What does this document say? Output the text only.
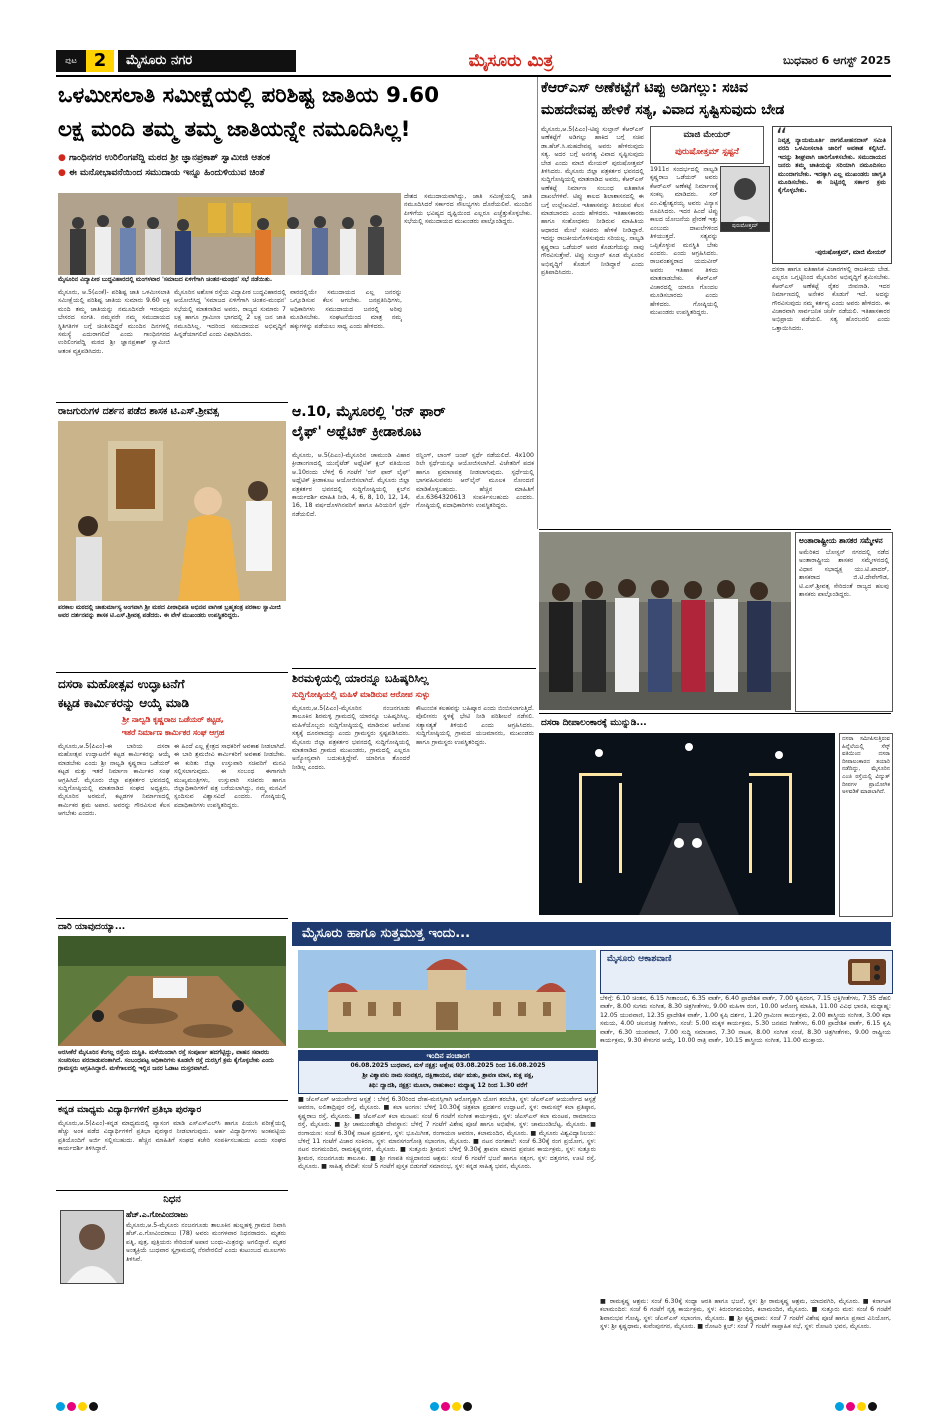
ಪುಟ 2	ಮೈಸೂರು ನಗರ	ಮೈಸೂರು ಮಿತ್ರ	ಬುಧವಾರ 6 ಆಗಸ್ಟ್ 2025
ಒಳಮೀಸಲಾತಿ ಸಮೀಕ್ಷೆಯಲ್ಲಿ ಪರಿಶಿಷ್ಟ ಜಾತಿಯ 9.60
ಲಕ್ಷ ಮಂದಿ ತಮ್ಮ ತಮ್ಮ ಜಾತಿಯನ್ನೇ ನಮೂದಿಸಿಲ್ಲ!
● ಗಾಂಧಿನಗರ ಉರಿಲಿಂಗಪೆದ್ದಿ ಮಠದ ಶ್ರೀ ಜ್ಞಾನಪ್ರಕಾಶ್ ಸ್ವಾಮೀಜಿ ಆತಂಕ
● ಈ ಮನೋಭಾವನೆಯಿಂದ ಸಮುದಾಯ ಇನ್ನೂ ಹಿಂದುಳಿಯುವ ಚಿಂತೆ
ಮೈಸೂರಿನ ವಿದ್ಯಾಪೀಠ ಬುದ್ಧವಿಹಾರದಲ್ಲಿ ಮಂಗಳವಾರ 'ಸಮಾಜದ ಏಳಿಗೆಗಾಗಿ ಚಿಂತನ-ಮಂಥನ' ಸಭೆ ನಡೆಯಿತು.
ಮೈಸೂರು, ಆ.5(ಎಂಕೆ)- ಪರಿಶಿಷ್ಟ ಜಾತಿ ಒಳಮೀಸಲಾತಿ ಸಮೀಕ್ಷೆಯಲ್ಲಿ ಪರಿಶಿಷ್ಟ ಜಾತಿಯ ಸುಮಾರು 9.60 ಲಕ್ಷ ಮಂದಿ ತಮ್ಮ ಜಾತಿಯನ್ನು ನಮೂದಿಸದೇ ಇರುವುದು ಬೇಸರದ ಸಂಗತಿ. ನಮ್ಮವರೇ ನಮ್ಮ ಸಮುದಾಯದ ಸ್ಥಿತಿಗತಿಗಳ ಬಗ್ಗೆ ಚಿಂತಿಸದಿದ್ದರೆ ಮುಂದಿನ ದಿನಗಳಲ್ಲಿ ಸಮಸ್ಯೆ ಎದುರಾಗಲಿದೆ ಎಂದು ಗಾಂಧಿನಗರದ ಉರಿಲಿಂಗಪೆದ್ದಿ ಮಠದ ಶ್ರೀ ಜ್ಞಾನಪ್ರಕಾಶ್ ಸ್ವಾಮೀಜಿ ಆತಂಕ ವ್ಯಕ್ತಪಡಿಸಿದರು.
ಮೈಸೂರಿನ ಅಶೋಕ ರಸ್ತೆಯ ವಿದ್ಯಾಪೀಠ ಬುದ್ಧವಿಹಾರದಲ್ಲಿ ಆಯೋಜಿಸಿದ್ದ 'ಸಮಾಜದ ಏಳಿಗೆಗಾಗಿ ಚಿಂತನ-ಮಂಥನ' ಸಭೆಯಲ್ಲಿ ಮಾತನಾಡಿದ ಅವರು, ರಾಜ್ಯದ ಸುಮಾರು 7 ಲಕ್ಷ ಹಾಗೂ ಗ್ರಾಮೀಣ ಭಾಗದಲ್ಲಿ 2 ಲಕ್ಷ ಜನ ಜಾತಿ ನಮೂದಿಸಿಲ್ಲ. ಇದರಿಂದ ಸಮುದಾಯದ ಅಭಿವೃದ್ಧಿಗೆ ಹಿನ್ನಡೆಯಾಗಲಿದೆ ಎಂದು ವಿಷಾದಿಸಿದರು.
ವಾರದಲ್ಲಿಯೇ ಸಮುದಾಯದ ಎಲ್ಲ ಜನರನ್ನು ಒಗ್ಗೂಡಿಸುವ ಕೆಲಸ ಆಗಬೇಕು. ಜನಪ್ರತಿನಿಧಿಗಳು, ಅಧಿಕಾರಿಗಳು ಸಮುದಾಯದ ಜನರಲ್ಲಿ ಅರಿವು ಮೂಡಿಸಬೇಕು. ಸಂಘಟನೆಯಿಂದ ಮಾತ್ರ ನಮ್ಮ ಹಕ್ಕುಗಳನ್ನು ಪಡೆಯಲು ಸಾಧ್ಯ ಎಂದು ಹೇಳಿದರು.
ದೇಶದ ಸಮುದಾಯವಾಗಿದ್ದು, ಜಾತಿ ಸಮೀಕ್ಷೆಯಲ್ಲಿ ಜಾತಿ ನಮೂದಿಸಿದರೆ ಸರ್ಕಾರದ ಸೌಲಭ್ಯಗಳು ದೊರೆಯಲಿವೆ. ಮುಂದಿನ ಪೀಳಿಗೆಯ ಭವಿಷ್ಯದ ದೃಷ್ಟಿಯಿಂದ ಎಲ್ಲರೂ ಎಚ್ಚೆತ್ತುಕೊಳ್ಳಬೇಕು. ಸಭೆಯಲ್ಲಿ ಸಮುದಾಯದ ಮುಖಂಡರು ಪಾಲ್ಗೊಂಡಿದ್ದರು.
ಕೆಆರ್‌ಎಸ್ ಅಣೆಕಟ್ಟೆಗೆ ಟಿಪ್ಪು ಅಡಿಗಲ್ಲು: ಸಚಿವ
ಮಹದೇವಪ್ಪ ಹೇಳಿಕೆ ಸತ್ಯ, ವಿವಾದ ಸೃಷ್ಟಿಸುವುದು ಬೇಡ
ಮೈಸೂರು,ಆ.5(ಪಿಎಂ)-ಟಿಪ್ಪು ಸುಲ್ತಾನ್ ಕೆಆರ್‌ಎಸ್ ಅಣೆಕಟ್ಟೆಗೆ ಅಡಿಗಲ್ಲು ಹಾಕಿದ ಬಗ್ಗೆ ಸಚಿವ ಡಾ.ಹೆಚ್.ಸಿ.ಮಹದೇವಪ್ಪ ಅವರು ಹೇಳಿರುವುದು ಸತ್ಯ. ಅದರ ಬಗ್ಗೆ ಅನಗತ್ಯ ವಿವಾದ ಸೃಷ್ಟಿಸುವುದು ಬೇಡ ಎಂದು ಮಾಜಿ ಮೇಯರ್ ಪುರುಷೋತ್ತಮ್ ತಿಳಿಸಿದರು. ಮೈಸೂರು ಜಿಲ್ಲಾ ಪತ್ರಕರ್ತರ ಭವನದಲ್ಲಿ ಸುದ್ದಿಗೋಷ್ಠಿಯಲ್ಲಿ ಮಾತನಾಡಿದ ಅವರು, ಕೆಆರ್‌ಎಸ್ ಅಣೆಕಟ್ಟೆ ನಿರ್ಮಾಣ ಸಂಬಂಧ ಐತಿಹಾಸಿಕ ದಾಖಲೆಗಳಿವೆ. ಟಿಪ್ಪು ಕಾಲದ ಶಿಲಾಶಾಸನದಲ್ಲಿ ಈ ಬಗ್ಗೆ ಉಲ್ಲೇಖವಿದೆ. ಇತಿಹಾಸವನ್ನು ತಿರುಚುವ ಕೆಲಸ ಮಾಡಬಾರದು ಎಂದು ಹೇಳಿದರು. ಇತಿಹಾಸಕಾರರು ಹಾಗೂ ಸಂಶೋಧಕರು ನೀಡಿರುವ ಮಾಹಿತಿಯ ಆಧಾರದ ಮೇಲೆ ಸಚಿವರು ಹೇಳಿಕೆ ನೀಡಿದ್ದಾರೆ. ಇದನ್ನು ರಾಜಕೀಯಗೊಳಿಸುವುದು ಸರಿಯಲ್ಲ. ನಾಲ್ವಡಿ ಕೃಷ್ಣರಾಜ ಒಡೆಯರ್ ಅವರ ಕೊಡುಗೆಯನ್ನು ನಾವು ಗೌರವಿಸುತ್ತೇವೆ. ಟಿಪ್ಪು ಸುಲ್ತಾನ್ ಕೂಡ ಮೈಸೂರಿನ ಅಭಿವೃದ್ಧಿಗೆ ಕೊಡುಗೆ ನೀಡಿದ್ದಾರೆ ಎಂದು ಪ್ರತಿಪಾದಿಸಿದರು.
ಮಾಜಿ ಮೇಯರ್
ಪುರುಷೋತ್ತಮ್ ಸ್ಪಷ್ಟನೆ
1911ರ ಸಂದರ್ಭದಲ್ಲಿ ನಾಲ್ವಡಿ ಕೃಷ್ಣರಾಜ ಒಡೆಯರ್ ಅವರು ಕೆಆರ್‌ಎಸ್ ಅಣೆಕಟ್ಟೆ ನಿರ್ಮಾಣಕ್ಕೆ ಸಂಕಲ್ಪ ಮಾಡಿದರು. ಸರ್ ಎಂ.ವಿಶ್ವೇಶ್ವರಯ್ಯ ಅವರು ವಿನ್ಯಾಸ ರೂಪಿಸಿದರು. ಇದರ ಹಿಂದೆ ಟಿಪ್ಪು ಕಾಲದ ಯೋಜನೆಯ ಪ್ರೇರಣೆ ಇತ್ತು ಎಂಬುದು ದಾಖಲೆಗಳಿಂದ ತಿಳಿಯುತ್ತದೆ. ಸತ್ಯವನ್ನು ಒಪ್ಪಿಕೊಳ್ಳುವ ಮನಸ್ಥಿತಿ ಬೇಕು ಎಂದರು. ಎಂದು ಆಗ್ರಹಿಸಿದರು. ರಾಜವಂಶಸ್ಥರಾದ ಯದುವೀರ್ ಅವರು ಇತಿಹಾಸ ತಿಳಿದು ಮಾತನಾಡಬೇಕು. ಕೆಆರ್‌ಎಸ್ ವಿಚಾರದಲ್ಲಿ ಯಾರೂ ಗೊಂದಲ ಮೂಡಿಸಬಾರದು ಎಂದು ಹೇಳಿದರು. ಗೋಷ್ಠಿಯಲ್ಲಿ ಮುಖಂಡರು ಉಪಸ್ಥಿತರಿದ್ದರು.
ಪುರುಷೋತ್ತಮ್
“
ನಿವೃತ್ತ ನ್ಯಾಯಮೂರ್ತಿ ನಾಗಮೋಹನದಾಸ್ ಸಮಿತಿ ವರದಿ ಒಳಮೀಸಲಾತಿ ಜಾರಿಗೆ ಅವಕಾಶ ಕಲ್ಪಿಸಿದೆ. ಇದನ್ನು ಶೀಘ್ರವಾಗಿ ಜಾರಿಗೊಳಿಸಬೇಕು. ಸಮುದಾಯದ ಜನರು ತಮ್ಮ ಜಾತಿಯನ್ನು ಸರಿಯಾಗಿ ನಮೂದಿಸಲು ಮುಂದಾಗಬೇಕು. ಇದಕ್ಕಾಗಿ ಎಲ್ಲ ಮುಖಂಡರು ಜಾಗೃತಿ ಮೂಡಿಸಬೇಕು. ಈ ನಿಟ್ಟಿನಲ್ಲಿ ಸರ್ಕಾರ ಕ್ರಮ ಕೈಗೊಳ್ಳಬೇಕು.
-ಪುರುಷೋತ್ತಮ್, ಮಾಜಿ ಮೇಯರ್
ದಸರಾ ಹಾಗೂ ಐತಿಹಾಸಿಕ ವಿಚಾರಗಳಲ್ಲಿ ರಾಜಕೀಯ ಬೇಡ. ಎಲ್ಲರೂ ಒಗ್ಗಟ್ಟಿನಿಂದ ಮೈಸೂರಿನ ಅಭಿವೃದ್ಧಿಗೆ ಶ್ರಮಿಸಬೇಕು. ಕೆಆರ್‌ಎಸ್ ಅಣೆಕಟ್ಟೆ ರೈತರ ಜೀವನಾಡಿ. ಇದರ ನಿರ್ಮಾಣದಲ್ಲಿ ಅನೇಕರ ಕೊಡುಗೆ ಇದೆ. ಅದನ್ನು ಗೌರವಿಸುವುದು ನಮ್ಮ ಕರ್ತವ್ಯ ಎಂದು ಅವರು ಹೇಳಿದರು. ಈ ವಿಚಾರವಾಗಿ ಸಾರ್ವಜನಿಕ ಚರ್ಚೆ ನಡೆಯಲಿ. ಇತಿಹಾಸಕಾರರ ಅಭಿಪ್ರಾಯ ಪಡೆಯಲಿ. ಸತ್ಯ ಹೊರಬರಲಿ ಎಂದು ಒತ್ತಾಯಿಸಿದರು.
ರಾಜಗುರುಗಳ ದರ್ಶನ ಪಡೆದ ಶಾಸಕ ಟಿ.ಎಸ್.ಶ್ರೀವತ್ಸ
ಪರಕಾಲ ಮಠದಲ್ಲಿ ಚಾತುರ್ಮಾಸ್ಯ ಅಂಗವಾಗಿ ಶ್ರೀ ಮಠದ ಪೀಠಾಧಿಪತಿ ಅಭಿನವ ವಾಗೀಶ ಬ್ರಹ್ಮತಂತ್ರ ಪರಕಾಲ ಸ್ವಾಮೀಜಿ ಅವರ ದರ್ಶನವನ್ನು ಶಾಸಕ ಟಿ.ಎಸ್.ಶ್ರೀವತ್ಸ ಪಡೆದರು. ಈ ವೇಳೆ ಮುಖಂಡರು ಉಪಸ್ಥಿತರಿದ್ದರು.
ಆ.10, ಮೈಸೂರಲ್ಲಿ 'ರನ್ ಫಾರ್
ಲೈಫ್' ಅಥ್ಲೆಟಿಕ್ ಕ್ರೀಡಾಕೂಟ
ಮೈಸೂರು, ಆ.5(ಪಿಎಂ)-ಮೈಸೂರಿನ ಚಾಮುಂಡಿ ವಿಹಾರ ಕ್ರೀಡಾಂಗಣದಲ್ಲಿ ಯುನೈಟೆಡ್ ಅಥ್ಲೆಟಿಕ್ ಕ್ಲಬ್ ವತಿಯಿಂದ ಆ.10ರಂದು ಬೆಳಿಗ್ಗೆ 6 ಗಂಟೆಗೆ 'ರನ್ ಫಾರ್ ಲೈಫ್' ಅಥ್ಲೆಟಿಕ್ ಕ್ರೀಡಾಕೂಟ ಆಯೋಜಿಸಲಾಗಿದೆ. ಮೈಸೂರು ಜಿಲ್ಲಾ ಪತ್ರಕರ್ತರ ಭವನದಲ್ಲಿ ಸುದ್ದಿಗೋಷ್ಠಿಯಲ್ಲಿ ಕ್ಲಬ್‌ನ ಕಾರ್ಯದರ್ಶಿ ಮಾಹಿತಿ ನೀಡಿ, 4, 6, 8, 10, 12, 14, 16, 18 ವರ್ಷದೊಳಗಿನವರಿಗೆ ಹಾಗೂ ಹಿರಿಯರಿಗೆ ಸ್ಪರ್ಧೆ ನಡೆಯಲಿದೆ.
ರನ್ನಿಂಗ್, ಲಾಂಗ್ ಜಂಪ್ ಸ್ಪರ್ಧೆ ನಡೆಯಲಿದೆ. 4x100 ರಿಲೇ ಸ್ಪರ್ಧೆಯನ್ನೂ ಆಯೋಜಿಸಲಾಗಿದೆ. ವಿಜೇತರಿಗೆ ಪದಕ ಹಾಗೂ ಪ್ರಮಾಣಪತ್ರ ನೀಡಲಾಗುವುದು. ಸ್ಪರ್ಧೆಯಲ್ಲಿ ಭಾಗವಹಿಸುವವರು ಆನ್‌ಲೈನ್ ಮೂಲಕ ನೋಂದಣಿ ಮಾಡಿಕೊಳ್ಳಬಹುದು. ಹೆಚ್ಚಿನ ಮಾಹಿತಿಗೆ ಮೊ.6364320613 ಸಂಪರ್ಕಿಸಬಹುದು ಎಂದರು. ಗೋಷ್ಠಿಯಲ್ಲಿ ಪದಾಧಿಕಾರಿಗಳು ಉಪಸ್ಥಿತರಿದ್ದರು.
ಅಂತಾರಾಷ್ಟ್ರೀಯ ಶಾಸಕರ ಸಮ್ಮೇಳನ
ಅಮೆರಿಕದ ಬೋಸ್ಟನ್ ನಗರದಲ್ಲಿ ನಡೆದ ಅಂತಾರಾಷ್ಟ್ರೀಯ ಶಾಸಕರ ಸಮ್ಮೇಳನದಲ್ಲಿ ವಿಧಾನ ಸಭಾಧ್ಯಕ್ಷ ಯು.ಟಿ.ಖಾದರ್, ಶಾಸಕರಾದ ಜಿ.ಟಿ.ದೇವೇಗೌಡ, ಟಿ.ಎಸ್.ಶ್ರೀವತ್ಸ ಸೇರಿದಂತೆ ರಾಜ್ಯದ ಹಲವು ಶಾಸಕರು ಪಾಲ್ಗೊಂಡಿದ್ದರು.
ಶಿರಮಳ್ಳಿಯಲ್ಲಿ ಯಾರನ್ನೂ ಬಹಿಷ್ಕರಿಸಿಲ್ಲ
ಸುದ್ದಿಗೋಷ್ಠಿಯಲ್ಲಿ ಮಹಿಳೆ ಮಾಡಿರುವ ಆರೋಪ ಸುಳ್ಳು
ಮೈಸೂರು,ಆ.5(ಪಿಎಂ)-ಮೈಸೂರಿನ ನಂಜನಗೂಡು ತಾಲೂಕಿನ ಶಿರಮಳ್ಳಿ ಗ್ರಾಮದಲ್ಲಿ ಯಾರನ್ನೂ ಬಹಿಷ್ಕರಿಸಿಲ್ಲ. ಮಹಿಳೆಯೊಬ್ಬರು ಸುದ್ದಿಗೋಷ್ಠಿಯಲ್ಲಿ ಮಾಡಿರುವ ಆರೋಪ ಸತ್ಯಕ್ಕೆ ದೂರವಾದದ್ದು ಎಂದು ಗ್ರಾಮಸ್ಥರು ಸ್ಪಷ್ಟಪಡಿಸಿದರು. ಮೈಸೂರು ಜಿಲ್ಲಾ ಪತ್ರಕರ್ತರ ಭವನದಲ್ಲಿ ಸುದ್ದಿಗೋಷ್ಠಿಯಲ್ಲಿ ಮಾತನಾಡಿದ ಗ್ರಾಮದ ಮುಖಂಡರು, ಗ್ರಾಮದಲ್ಲಿ ಎಲ್ಲರೂ ಅನ್ಯೋನ್ಯವಾಗಿ ಬದುಕುತ್ತಿದ್ದೇವೆ. ಯಾರಿಗೂ ತೊಂದರೆ ನೀಡಿಲ್ಲ ಎಂದರು.
ಕೌಟುಂಬಿಕ ಕಲಹವನ್ನು ಬಹಿಷ್ಕಾರ ಎಂದು ಬಿಂಬಿಸಲಾಗುತ್ತಿದೆ. ಪೊಲೀಸರು ಸ್ಥಳಕ್ಕೆ ಭೇಟಿ ನೀಡಿ ಪರಿಶೀಲನೆ ನಡೆಸಲಿ. ಸತ್ಯಾಸತ್ಯತೆ ತಿಳಿಯಲಿ ಎಂದು ಆಗ್ರಹಿಸಿದರು. ಸುದ್ದಿಗೋಷ್ಠಿಯಲ್ಲಿ ಗ್ರಾಮದ ಯಜಮಾನರು, ಮುಖಂಡರು ಹಾಗೂ ಗ್ರಾಮಸ್ಥರು ಉಪಸ್ಥಿತರಿದ್ದರು.
ದಸರಾ ದೀಪಾಲಂಕಾರಕ್ಕೆ ಮುನ್ನುಡಿ...
ದಸರಾ ಸಮೀಪಿಸುತ್ತಿರುವ ಹಿನ್ನೆಲೆಯಲ್ಲಿ ಸೆಸ್ಕ್ ವತಿಯಿಂದ ದಸರಾ ದೀಪಾಲಂಕಾರದ ತಯಾರಿ ನಡೆದಿದ್ದು, ಮೈಸೂರಿನ ಎಂಜಿ ರಸ್ತೆಯಲ್ಲಿ ವಿದ್ಯುತ್ ದೀಪಗಳ ಪ್ರಾಯೋಗಿಕ ಅಳವಡಿಕೆ ಮಾಡಲಾಗಿದೆ.
ದಸರಾ ಮಹೋತ್ಸವ ಉದ್ಘಾಟನೆಗೆ
ಕಟ್ಟಡ ಕಾರ್ಮಿಕರನ್ನು ಆಯ್ಕೆ ಮಾಡಿ
ಶ್ರೀ ನಾಲ್ವಡಿ ಕೃಷ್ಣರಾಜ ಒಡೆಯರ್ ಕಟ್ಟಡ,
ಇತರೆ ನಿರ್ಮಾಣ ಕಾರ್ಮಿಕರ ಸಂಘ ಆಗ್ರಹ
ಮೈಸೂರು,ಆ.5(ಪಿಎಂ)-ಈ ಬಾರಿಯ ದಸರಾ ಮಹೋತ್ಸವ ಉದ್ಘಾಟನೆಗೆ ಕಟ್ಟಡ ಕಾರ್ಮಿಕರನ್ನು ಆಯ್ಕೆ ಮಾಡಬೇಕು ಎಂದು ಶ್ರೀ ನಾಲ್ವಡಿ ಕೃಷ್ಣರಾಜ ಒಡೆಯರ್ ಕಟ್ಟಡ ಮತ್ತು ಇತರೆ ನಿರ್ಮಾಣ ಕಾರ್ಮಿಕರ ಸಂಘ ಆಗ್ರಹಿಸಿದೆ. ಮೈಸೂರು ಜಿಲ್ಲಾ ಪತ್ರಕರ್ತರ ಭವನದಲ್ಲಿ ಸುದ್ದಿಗೋಷ್ಠಿಯಲ್ಲಿ ಮಾತನಾಡಿದ ಸಂಘದ ಅಧ್ಯಕ್ಷರು, ಮೈಸೂರಿನ ಅರಮನೆ, ಕಟ್ಟಡಗಳ ನಿರ್ಮಾಣದಲ್ಲಿ ಕಾರ್ಮಿಕರ ಶ್ರಮ ಅಪಾರ. ಅವರನ್ನು ಗೌರವಿಸುವ ಕೆಲಸ ಆಗಬೇಕು ಎಂದರು.
ಈ ಹಿಂದೆ ಎಲ್ಲ ಕ್ಷೇತ್ರದ ಸಾಧಕರಿಗೆ ಅವಕಾಶ ನೀಡಲಾಗಿದೆ. ಈ ಬಾರಿ ಶ್ರಮಜೀವಿ ಕಾರ್ಮಿಕರಿಗೆ ಅವಕಾಶ ನೀಡಬೇಕು. ಈ ಕುರಿತು ಜಿಲ್ಲಾ ಉಸ್ತುವಾರಿ ಸಚಿವರಿಗೆ ಮನವಿ ಸಲ್ಲಿಸಲಾಗುವುದು. ಈ ಸಂಬಂಧ ಈಗಾಗಲೇ ಮುಖ್ಯಮಂತ್ರಿಗಳು, ಉಸ್ತುವಾರಿ ಸಚಿವರು ಹಾಗೂ ಜಿಲ್ಲಾಧಿಕಾರಿಗಳಿಗೆ ಪತ್ರ ಬರೆಯಲಾಗಿದ್ದು, ನಮ್ಮ ಮನವಿಗೆ ಸ್ಪಂದಿಸುವ ವಿಶ್ವಾಸವಿದೆ ಎಂದರು. ಗೋಷ್ಠಿಯಲ್ಲಿ ಪದಾಧಿಕಾರಿಗಳು ಉಪಸ್ಥಿತರಿದ್ದರು.
ದಾರಿ ಯಾವುದಯ್ಯಾ...
ಅರಸೀಕೆರೆ ಮೈಸೂರಿನ ಕೆಂಗಲ್ಲ ರಸ್ತೆಯ ದುಸ್ಥಿತಿ. ಮಳೆಯಿಂದಾಗಿ ರಸ್ತೆ ಸಂಪೂರ್ಣ ಹದಗೆಟ್ಟಿದ್ದು, ವಾಹನ ಸವಾರರು ಸಂಚರಿಸಲು ಪರದಾಡುವಂತಾಗಿದೆ. ಸಂಬಂಧಪಟ್ಟ ಅಧಿಕಾರಿಗಳು ಕೂಡಲೇ ರಸ್ತೆ ದುರಸ್ತಿಗೆ ಕ್ರಮ ಕೈಗೊಳ್ಳಬೇಕು ಎಂದು ಗ್ರಾಮಸ್ಥರು ಆಗ್ರಹಿಸಿದ್ದಾರೆ. ಮಳೆಗಾಲದಲ್ಲಿ ಇಲ್ಲಿನ ಜನರ ಓಡಾಟ ದುಸ್ತರವಾಗಿದೆ.
ಕನ್ನಡ ಮಾಧ್ಯಮ ವಿದ್ಯಾರ್ಥಿಗಳಿಗೆ ಪ್ರತಿಭಾ ಪುರಸ್ಕಾರ
ಮೈಸೂರು,ಆ.5(ಪಿಎಂ)-ಕನ್ನಡ ಮಾಧ್ಯಮದಲ್ಲಿ ವ್ಯಾಸಂಗ ಮಾಡಿ ಎಸ್‌ಎಸ್‌ಎಲ್‌ಸಿ ಹಾಗೂ ಪಿಯುಸಿ ಪರೀಕ್ಷೆಯಲ್ಲಿ ಹೆಚ್ಚು ಅಂಕ ಪಡೆದ ವಿದ್ಯಾರ್ಥಿಗಳಿಗೆ ಪ್ರತಿಭಾ ಪುರಸ್ಕಾರ ನೀಡಲಾಗುವುದು. ಅರ್ಹ ವಿದ್ಯಾರ್ಥಿಗಳು ಅಂಕಪಟ್ಟಿಯ ಪ್ರತಿಯೊಂದಿಗೆ ಅರ್ಜಿ ಸಲ್ಲಿಸಬಹುದು. ಹೆಚ್ಚಿನ ಮಾಹಿತಿಗೆ ಸಂಘದ ಕಚೇರಿ ಸಂಪರ್ಕಿಸಬಹುದು ಎಂದು ಸಂಘದ ಕಾರ್ಯದರ್ಶಿ ತಿಳಿಸಿದ್ದಾರೆ.
ನಿಧನ
ಹೆಚ್.ಎ.ಗೋವಿಂದರಾಜು
ಮೈಸೂರು,ಆ.5-ಮೈಸೂರು ನಂಜನಗೂಡು ತಾಲೂಕಿನ ಹುಲ್ಲಹಳ್ಳಿ ಗ್ರಾಮದ ನಿವಾಸಿ ಹೆಚ್.ಎ.ಗೋವಿಂದರಾಜು (78) ಅವರು ಮಂಗಳವಾರ ನಿಧನರಾದರು. ಮೃತರು ಪತ್ನಿ, ಪುತ್ರ, ಪುತ್ರಿಯರು ಸೇರಿದಂತೆ ಅಪಾರ ಬಂಧು-ಮಿತ್ರರನ್ನು ಅಗಲಿದ್ದಾರೆ. ಮೃತರ ಅಂತ್ಯಕ್ರಿಯೆ ಬುಧವಾರ ಸ್ವಗ್ರಾಮದಲ್ಲಿ ನೆರವೇರಲಿದೆ ಎಂದು ಕುಟುಂಬದ ಮೂಲಗಳು ತಿಳಿಸಿವೆ.
ಮೈಸೂರು ಹಾಗೂ ಸುತ್ತಮುತ್ತ ಇಂದು...
ಇಂದಿನ ಪಂಚಾಂಗ
06.08.2025 ಬುಧವಾರ, ಮಳೆ ನಕ್ಷತ್ರ: ಅಶ್ಲೇಷ 03.08.2025 ರಿಂದ 16.08.2025
ಶ್ರೀ ವಿಶ್ವಾವಸು ನಾಮ ಸಂವತ್ಸರ, ದಕ್ಷಿಣಾಯನ, ವರ್ಷ ಋತು, ಶ್ರಾವಣ ಮಾಸ, ಶುಕ್ಲ ಪಕ್ಷ,
ತಿಥಿ: ದ್ವಾದಶಿ, ನಕ್ಷತ್ರ: ಮೂಲಾ, ರಾಹುಕಾಲ: ಮಧ್ಯಾಹ್ನ 12 ರಿಂದ 1.30 ವರೆಗೆ
■ ಜೆಎಸ್‌ಎಸ್ ಆಯುರ್ವೇದ ಆಸ್ಪತ್ರೆ : ಬೆಳಿಗ್ಗೆ 6.30ರಿಂದ ದೇಹ-ಮನಸ್ಸಿಗಾಗಿ ಆರೋಗ್ಯಕ್ಕಾಗಿ ಯೋಗ ತರಬೇತಿ, ಸ್ಥಳ: ಜೆಎಸ್‌ಎಸ್ ಆಯುರ್ವೇದ ಆಸ್ಪತ್ರೆ ಆವರಣ, ಲಲಿತಾದ್ರಿಪುರ ರಸ್ತೆ, ಮೈಸೂರು. ■ ಕಲಾ ಅಂಗಣ: ಬೆಳಿಗ್ಗೆ 10.30ಕ್ಕೆ ಚಿತ್ರಕಲಾ ಪ್ರದರ್ಶನ ಉದ್ಘಾಟನೆ, ಸ್ಥಳ: ರಾಮಸನ್ಸ್ ಕಲಾ ಪ್ರತಿಷ್ಠಾನ, ಕೃಷ್ಣರಾಜ ರಸ್ತೆ, ಮೈಸೂರು. ■ ಜೆಎಸ್‌ಎಸ್ ಕಲಾ ಮಂಟಪ: ಸಂಜೆ 6 ಗಂಟೆಗೆ ಸಂಗೀತ ಕಾರ್ಯಕ್ರಮ, ಸ್ಥಳ: ಜೆಎಸ್‌ಎಸ್ ಕಲಾ ಮಂಟಪ, ರಾಮಾನುಜ ರಸ್ತೆ, ಮೈಸೂರು. ■ ಶ್ರೀ ಚಾಮುಂಡೇಶ್ವರಿ ದೇವಸ್ಥಾನ: ಬೆಳಿಗ್ಗೆ 7 ಗಂಟೆಗೆ ವಿಶೇಷ ಪೂಜೆ ಹಾಗೂ ಅಭಿಷೇಕ, ಸ್ಥಳ: ಚಾಮುಂಡಿಬೆಟ್ಟ, ಮೈಸೂರು. ■ ರಂಗಾಯಣ: ಸಂಜೆ 6.30ಕ್ಕೆ ನಾಟಕ ಪ್ರದರ್ಶನ, ಸ್ಥಳ: ಭೂಮಿಗೀತ, ರಂಗಾಯಣ ಆವರಣ, ಕಲಾಮಂದಿರ, ಮೈಸೂರು. ■ ಮೈಸೂರು ವಿಶ್ವವಿದ್ಯಾನಿಲಯ: ಬೆಳಿಗ್ಗೆ 11 ಗಂಟೆಗೆ ವಿಚಾರ ಸಂಕಿರಣ, ಸ್ಥಳ: ಮಾನಸಗಂಗೋತ್ರಿ ಸಭಾಂಗಣ, ಮೈಸೂರು. ■ ನಟನ ರಂಗಶಾಲೆ: ಸಂಜೆ 6.30ಕ್ಕೆ ರಂಗ ಪ್ರಯೋಗ, ಸ್ಥಳ: ನಟನ ರಂಗಮಂದಿರ, ರಾಮಕೃಷ್ಣನಗರ, ಮೈಸೂರು. ■ ಸುತ್ತೂರು ಶ್ರೀಮಠ: ಬೆಳಿಗ್ಗೆ 9.30ಕ್ಕೆ ಶ್ರಾವಣ ಮಾಸದ ಪ್ರವಚನ ಕಾರ್ಯಕ್ರಮ, ಸ್ಥಳ: ಸುತ್ತೂರು ಶ್ರೀಮಠ, ನಂಜನಗೂಡು ತಾಲೂಕು. ■ ಶ್ರೀ ಗಣಪತಿ ಸಚ್ಚಿದಾನಂದ ಆಶ್ರಮ: ಸಂಜೆ 6 ಗಂಟೆಗೆ ಭಜನೆ ಹಾಗೂ ಸತ್ಸಂಗ, ಸ್ಥಳ: ದತ್ತನಗರ, ಊಟಿ ರಸ್ತೆ, ಮೈಸೂರು. ■ ಸಾಹಿತ್ಯ ವೇದಿಕೆ: ಸಂಜೆ 5 ಗಂಟೆಗೆ ಪುಸ್ತಕ ಬಿಡುಗಡೆ ಸಮಾರಂಭ, ಸ್ಥಳ: ಕನ್ನಡ ಸಾಹಿತ್ಯ ಭವನ, ಮೈಸೂರು.
ಮೈಸೂರು ಆಕಾಶವಾಣಿ
ಬೆಳಿಗ್ಗೆ: 6.10 ಚಿಂತನ, 6.15 ಗೀತಾಂಜಲಿ, 6.35 ವಾರ್ತೆ, 6.40 ಪ್ರಾದೇಶಿಕ ವಾರ್ತೆ, 7.00 ಕೃಷಿರಂಗ, 7.15 ಭಕ್ತಿಗೀತೆಗಳು, 7.35 ದೆಹಲಿ ವಾರ್ತೆ, 8.00 ಸುಗಮ ಸಂಗೀತ, 8.30 ಚಿತ್ರಗೀತೆಗಳು, 9.00 ಮಹಿಳಾ ರಂಗ, 10.00 ಆರೋಗ್ಯ ಮಾಹಿತಿ, 11.00 ವಿವಿಧ ಭಾರತಿ, ಮಧ್ಯಾಹ್ನ: 12.05 ಯುವವಾಣಿ, 12.35 ಪ್ರಾದೇಶಿಕ ವಾರ್ತೆ, 1.00 ಕೃಷಿ ದರ್ಶನ, 1.20 ಗ್ರಾಮೀಣ ಕಾರ್ಯಕ್ರಮ, 2.00 ಶಾಸ್ತ್ರೀಯ ಸಂಗೀತ, 3.00 ಕಥಾ ಸಮಯ, 4.00 ಚಲನಚಿತ್ರ ಗೀತೆಗಳು, ಸಂಜೆ: 5.00 ಮಕ್ಕಳ ಕಾರ್ಯಕ್ರಮ, 5.30 ಜನಪದ ಗೀತೆಗಳು, 6.00 ಪ್ರಾದೇಶಿಕ ವಾರ್ತೆ, 6.15 ಕೃಷಿ ವಾರ್ತೆ, 6.30 ಯುವವಾಣಿ, 7.00 ಸುದ್ದಿ ಸಮಾಚಾರ, 7.30 ನಾಟಕ, 8.00 ಸಂಗೀತ ಸಂಜೆ, 8.30 ಚಿತ್ರಗೀತೆಗಳು, 9.00 ರಾಷ್ಟ್ರೀಯ ಕಾರ್ಯಕ್ರಮ, 9.30 ಕೇಳುಗರ ಆಯ್ಕೆ, 10.00 ರಾತ್ರಿ ವಾರ್ತೆ, 10.15 ಶಾಸ್ತ್ರೀಯ ಸಂಗೀತ, 11.00 ಮುಕ್ತಾಯ.
■ ರಾಮಕೃಷ್ಣ ಆಶ್ರಮ: ಸಂಜೆ 6.30ಕ್ಕೆ ಸಂಧ್ಯಾ ಆರತಿ ಹಾಗೂ ಭಜನೆ, ಸ್ಥಳ: ಶ್ರೀ ರಾಮಕೃಷ್ಣ ಆಶ್ರಮ, ಯಾದವಗಿರಿ, ಮೈಸೂರು. ■ ಕರ್ನಾಟಕ ಕಲಾಮಂದಿರ: ಸಂಜೆ 6 ಗಂಟೆಗೆ ನೃತ್ಯ ಕಾರ್ಯಕ್ರಮ, ಸ್ಥಳ: ಕಿರುರಂಗಮಂದಿರ, ಕಲಾಮಂದಿರ, ಮೈಸೂರು. ■ ಸುತ್ತೂರು ಮಠ: ಸಂಜೆ 6 ಗಂಟೆಗೆ ಶಿವಾನುಭವ ಗೋಷ್ಠಿ, ಸ್ಥಳ: ಜೆಎಸ್‌ಎಸ್ ಸಭಾಂಗಣ, ಮೈಸೂರು. ■ ಶ್ರೀ ಕೃಷ್ಣಧಾಮ: ಸಂಜೆ 7 ಗಂಟೆಗೆ ವಿಶೇಷ ಪೂಜೆ ಹಾಗೂ ಪ್ರಸಾದ ವಿನಿಯೋಗ, ಸ್ಥಳ: ಶ್ರೀ ಕೃಷ್ಣಧಾಮ, ಕುವೆಂಪುನಗರ, ಮೈಸೂರು. ■ ರೋಟರಿ ಕ್ಲಬ್: ಸಂಜೆ 7 ಗಂಟೆಗೆ ಸಾಪ್ತಾಹಿಕ ಸಭೆ, ಸ್ಥಳ: ರೋಟರಿ ಭವನ, ಮೈಸೂರು.
